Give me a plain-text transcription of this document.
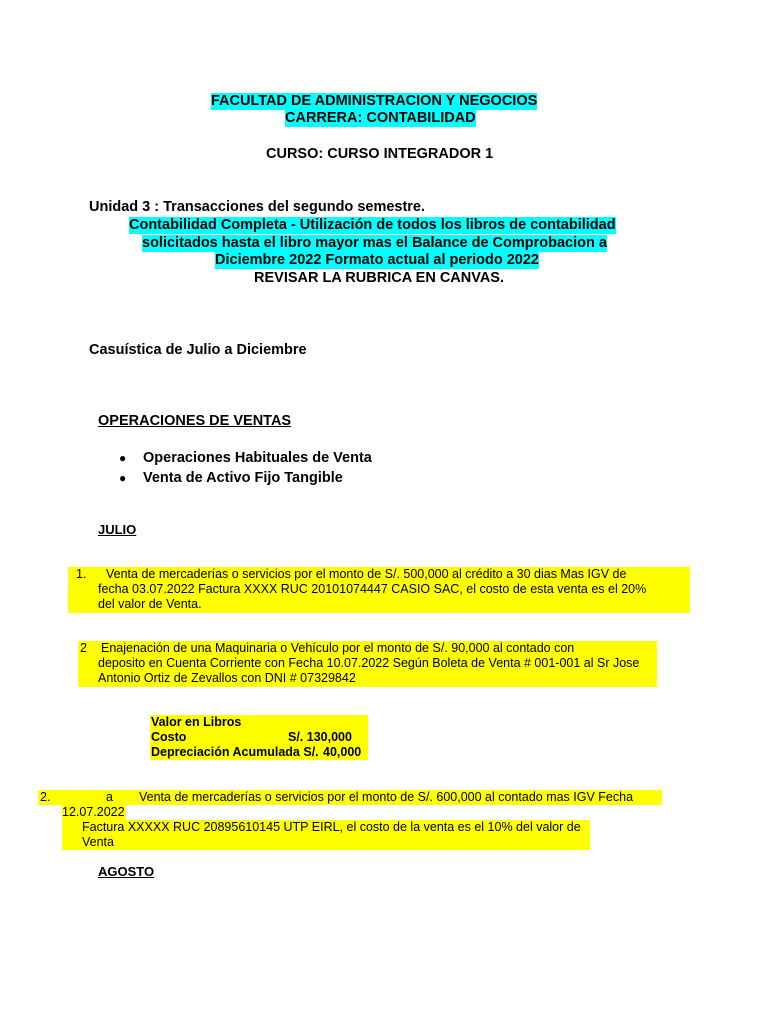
FACULTAD DE ADMINISTRACION Y NEGOCIOS
CARRERA: CONTABILIDAD
CURSO: CURSO INTEGRADOR 1
Unidad 3 : Transacciones del segundo semestre.
Contabilidad Completa - Utilización de todos los libros de contabilidad
solicitados hasta el libro mayor mas el Balance de Comprobacion a
Diciembre 2022 Formato actual al periodo 2022
REVISAR LA RUBRICA EN CANVAS.
Casuística de Julio a Diciembre
OPERACIONES DE VENTAS
● Operaciones Habituales de Venta
● Venta de Activo Fijo Tangible
JULIO
1. Venta de mercaderías o servicios por el monto de S/. 500,000 al crédito a 30 dias Mas IGV de
fecha 03.07.2022 Factura XXXX RUC 20101074447 CASIO SAC, el costo de esta venta es el 20%
del valor de Venta.
2 Enajenación de una Maquinaria o Vehículo por el monto de S/. 90,000 al contado con
deposito en Cuenta Corriente con Fecha 10.07.2022 Según Boleta de Venta # 001-001 al Sr Jose
Antonio Ortiz de Zevallos con DNI # 07329842
Valor en Libros
Costo	S/. 130,000
Depreciación Acumulada S/. 40,000
2.	a Venta de mercaderías o servicios por el monto de S/. 600,000 al contado mas IGV Fecha
12.07.2022
Factura XXXXX RUC 20895610145 UTP EIRL, el costo de la venta es el 10% del valor de
Venta
AGOSTO
